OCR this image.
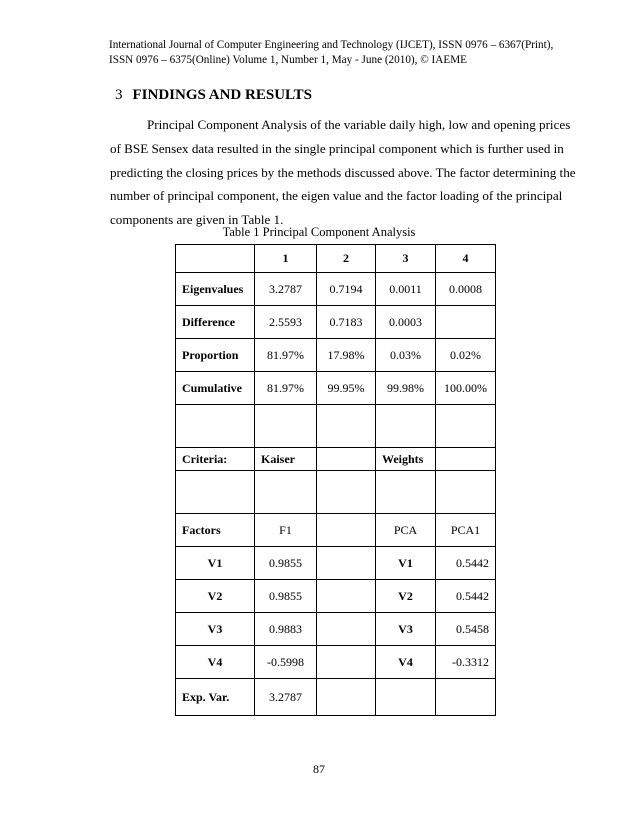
International Journal of Computer Engineering and Technology (IJCET), ISSN 0976 – 6367(Print),
ISSN 0976 – 6375(Online) Volume 1, Number 1, May - June (2010), © IAEME
3 FINDINGS AND RESULTS
Principal Component Analysis of the variable daily high, low and opening prices
of BSE Sensex data resulted in the single principal component which is further used in
predicting the closing prices by the methods discussed above. The factor determining the
number of principal component, the eigen value and the factor loading of the principal
components are given in Table 1.
Table 1 Principal Component Analysis
	1	2	3	4
Eigenvalues	3.2787	0.7194	0.0011	0.0008
Difference	2.5593	0.7183	0.0003	
Proportion	81.97%	17.98%	0.03%	0.02%
Cumulative	81.97%	99.95%	99.98%	100.00%

Criteria:	Kaiser		Weights	

Factors	F1		PCA	PCA1
V1	0.9855		V1	0.5442
V2	0.9855		V2	0.5442
V3	0.9883		V3	0.5458
V4	-0.5998		V4	-0.3312
Exp. Var.	3.2787			
87
